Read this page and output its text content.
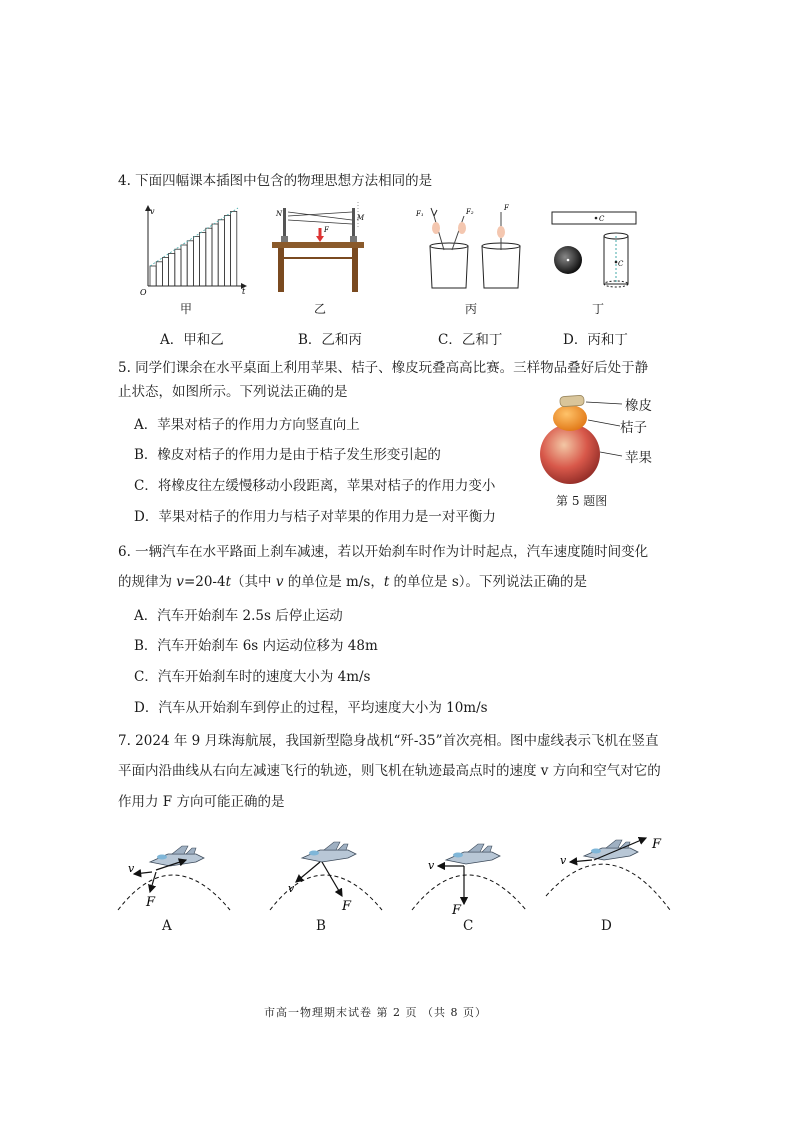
4. 下面四幅课本插图中包含的物理思想方法相同的是
v
t
O
N	M
F
F₁	F₂	F
C
C
甲	乙	丙	丁
A．甲和乙	B．乙和丙	C．乙和丁	D．丙和丁
5. 同学们课余在水平桌面上利用苹果、桔子、橡皮玩叠高高比赛。三样物品叠好后处于静
止状态，如图所示。下列说法正确的是
A．苹果对桔子的作用力方向竖直向上
B．橡皮对桔子的作用力是由于桔子发生形变引起的
C．将橡皮往左缓慢移动小段距离，苹果对桔子的作用力变小
D．苹果对桔子的作用力与桔子对苹果的作用力是一对平衡力
橡皮
桔子
苹果
第 5 题图
6. 一辆汽车在水平路面上刹车减速，若以开始刹车时作为计时起点，汽车速度随时间变化
的规律为 v=20-4t（其中 v 的单位是 m/s，t 的单位是 s）。下列说法正确的是
A．汽车开始刹车 2.5s 后停止运动
B．汽车开始刹车 6s 内运动位移为 48m
C．汽车开始刹车时的速度大小为 4m/s
D．汽车从开始刹车到停止的过程，平均速度大小为 10m/s
7. 2024 年 9 月珠海航展，我国新型隐身战机“歼-35”首次亮相。图中虚线表示飞机在竖直
平面内沿曲线从右向左减速飞行的轨迹，则飞机在轨迹最高点时的速度 v 方向和空气对它的
作用力 F 方向可能正确的是
v
F
v
F
v
F
v
F
A	B	C	D
市高一物理期末试卷 第 2 页 （共 8 页）
